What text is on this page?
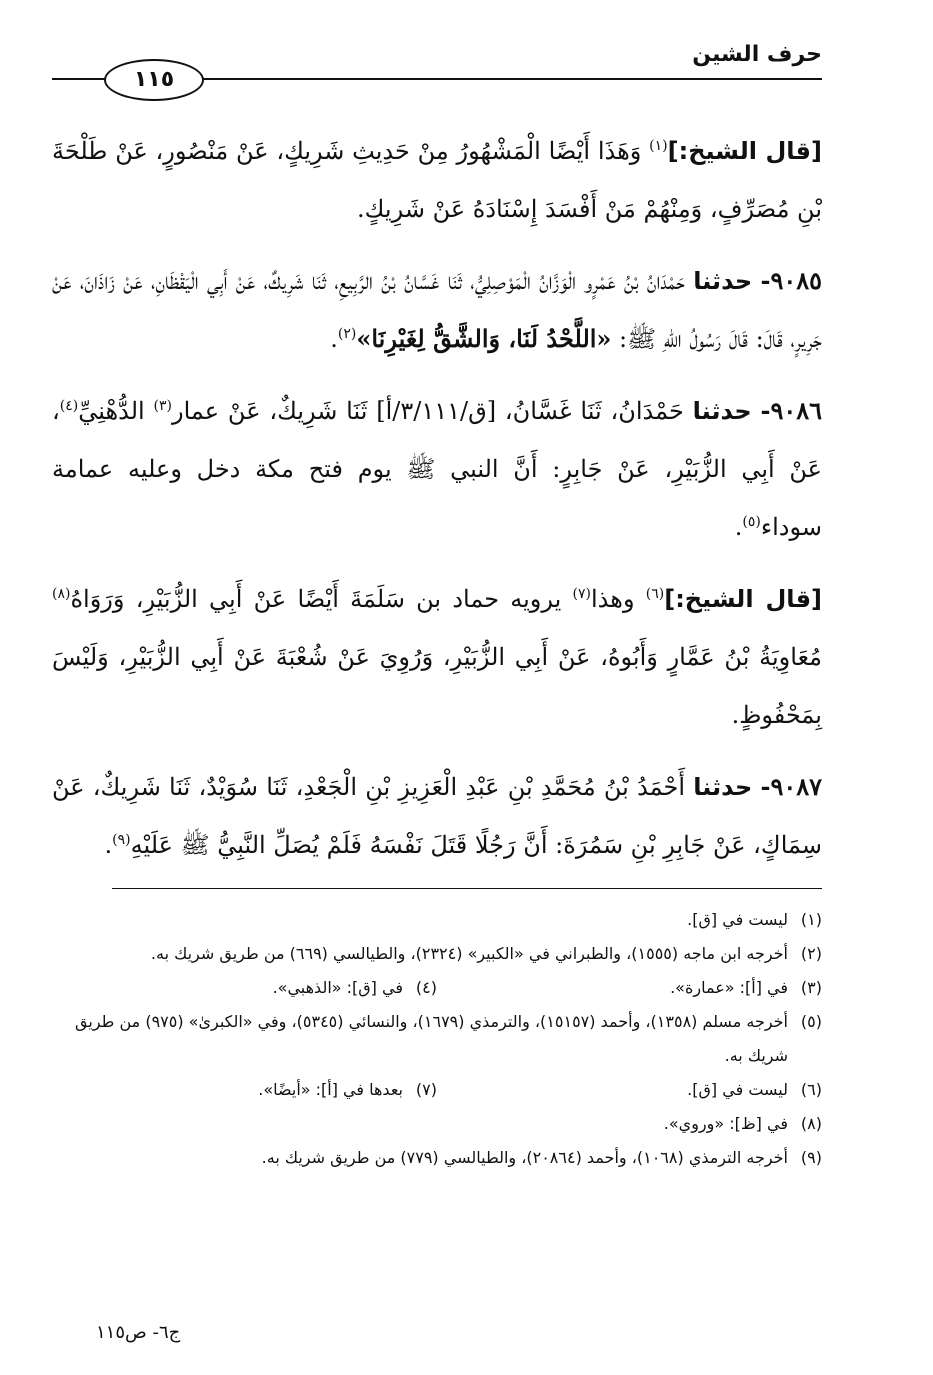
حرف الشين
١١٥

[قال الشيخ:]$^{(١)}$ وَهَذَا أَيْضًا الْمَشْهُورُ مِنْ حَدِيثِ شَرِيكٍ، عَنْ مَنْصُورٍ، عَنْ طَلْحَةَ بْنِ مُصَرِّفٍ، وَمِنْهُمْ مَنْ أَفْسَدَ إِسْنَادَهُ عَنْ شَرِيكٍ.

٩٠٨٥- حدثنا حَمْدَانُ بْنُ عَمْرٍو الْوَزَّانُ الْمَوْصِلِيُّ، ثَنَا غَسَّانُ بْنُ الرَّبِيعِ، ثَنَا شَرِيكٌ، عَنْ أَبِي الْيَقْظَانِ، عَنْ زَاذَانَ، عَنْ جَرِيرٍ، قَالَ: قَالَ رَسُولُ اللهِ ﷺ: «اللَّحْدُ لَنَا، وَالشَّقُّ لِغَيْرِنَا»$^{(٢)}$.

٩٠٨٦- حدثنا حَمْدَانُ، ثَنَا غَسَّانُ، [ق/٣/١١١/أ] ثَنَا شَرِيكٌ، عَنْ عمار$^{(٣)}$ الدُّهْنِيِّ$^{(٤)}$، عَنْ أَبِي الزُّبَيْرِ، عَنْ جَابِرٍ: أَنَّ النبي ﷺ يوم فتح مكة دخل وعليه عمامة سوداء$^{(٥)}$.

[قال الشيخ:]$^{(٦)}$ وهذا$^{(٧)}$ يرويه حماد بن سَلَمَةَ أَيْضًا عَنْ أَبِي الزُّبَيْرِ، وَرَوَاهُ$^{(٨)}$ مُعَاوِيَةُ بْنُ عَمَّارٍ وَأَبُوهُ، عَنْ أَبِي الزُّبَيْرِ، وَرُوِيَ عَنْ شُعْبَةَ عَنْ أَبِي الزُّبَيْرِ، وَلَيْسَ بِمَحْفُوظٍ.

٩٠٨٧- حدثنا أَحْمَدُ بْنُ مُحَمَّدِ بْنِ عَبْدِ الْعَزِيزِ بْنِ الْجَعْدِ، ثَنَا سُوَيْدٌ، ثَنَا شَرِيكٌ، عَنْ سِمَاكٍ، عَنْ جَابِرِ بْنِ سَمُرَةَ: أَنَّ رَجُلًا قَتَلَ نَفْسَهُ فَلَمْ يُصَلِّ النَّبِيُّ ﷺ عَلَيْهِ$^{(٩)}$.

(١)
ليست في [ق].
(٢)
أخرجه ابن ماجه (١٥٥٥)، والطبراني في «الكبير» (٢٣٢٤)، والطيالسي (٦٦٩) من طريق شريك به.
(٣)
في [أ]: «عمارة».
(٤)
في [ق]: «الذهبي».
(٥)
أخرجه مسلم (١٣٥٨)، وأحمد (١٥١٥٧)، والترمذي (١٦٧٩)، والنسائي (٥٣٤٥)، وفي «الكبرىٰ» (٩٧٥) من طريق شريك به.
(٦)
ليست في [ق].
(٧)
بعدها في [أ]: «أيضًا».
(٨)
في [ظ]: «وروي».
(٩)
أخرجه الترمذي (١٠٦٨)، وأحمد (٢٠٨٦٤)، والطيالسي (٧٧٩) من طريق شريك به.
ج٦- ص١١٥
